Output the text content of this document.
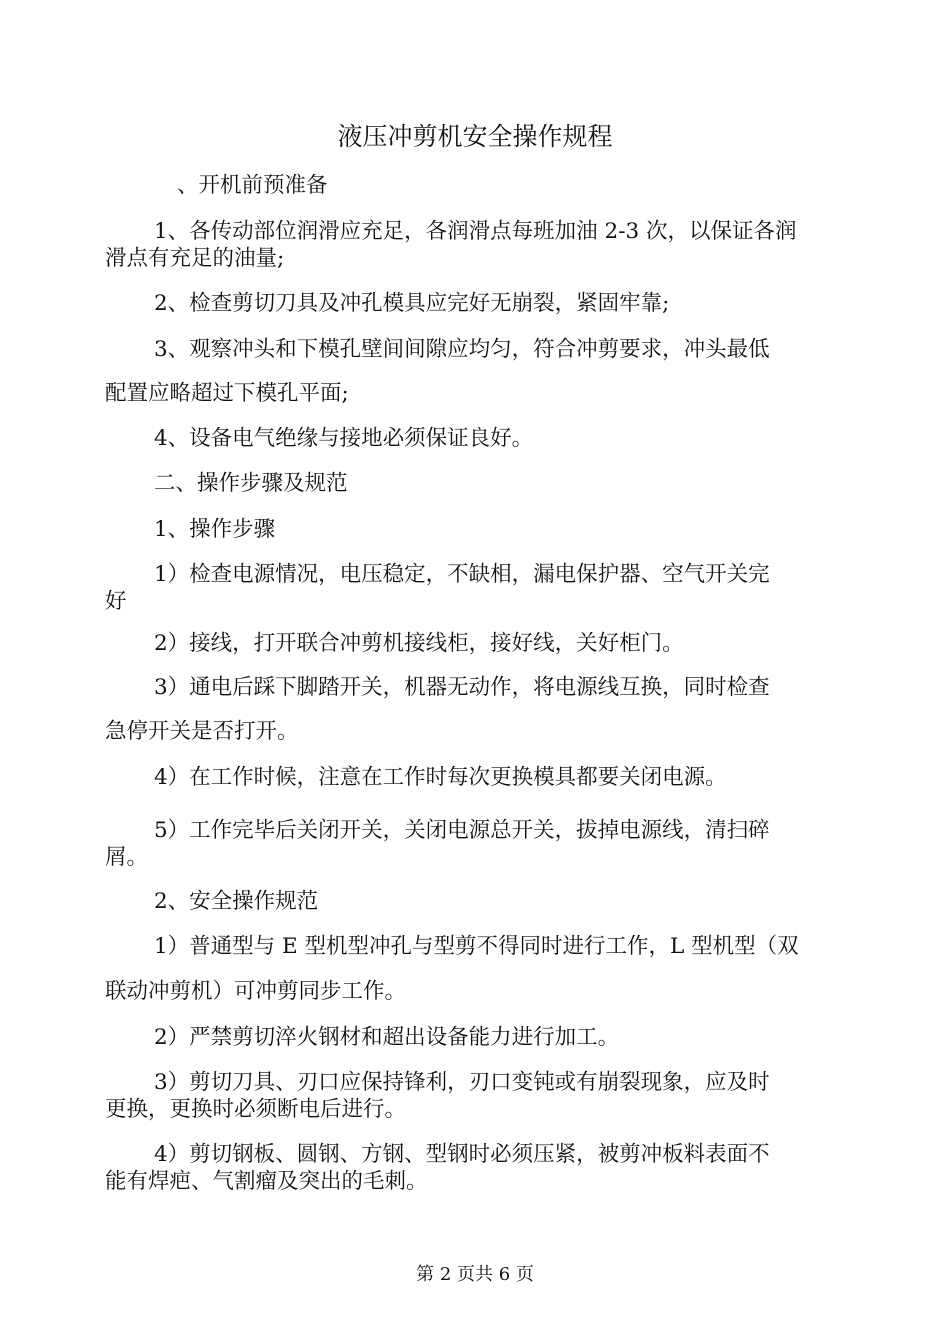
液压冲剪机安全操作规程
、开机前预准备
1、各传动部位润滑应充足，各润滑点每班加油 2-3 次，以保证各润
滑点有充足的油量;
2、检查剪切刀具及冲孔模具应完好无崩裂，紧固牢靠;
3、观察冲头和下模孔壁间间隙应均匀，符合冲剪要求，冲头最低
配置应略超过下模孔平面;
4、设备电气绝缘与接地必须保证良好。
二、操作步骤及规范
1、操作步骤
1）检查电源情况，电压稳定，不缺相，漏电保护器、空气开关完
好
2）接线，打开联合冲剪机接线柜，接好线，关好柜门。
3）通电后踩下脚踏开关，机器无动作，将电源线互换，同时检查
急停开关是否打开。
4）在工作时候，注意在工作时每次更换模具都要关闭电源。
5）工作完毕后关闭开关，关闭电源总开关，拔掉电源线，清扫碎
屑。
2、安全操作规范
1）普通型与 E 型机型冲孔与型剪不得同时进行工作，L 型机型（双
联动冲剪机）可冲剪同步工作。
2）严禁剪切淬火钢材和超出设备能力进行加工。
3）剪切刀具、刃口应保持锋利，刃口变钝或有崩裂现象，应及时
更换，更换时必须断电后进行。
4）剪切钢板、圆钢、方钢、型钢时必须压紧，被剪冲板料表面不
能有焊疤、气割瘤及突出的毛刺。
第 2 页共 6 页
